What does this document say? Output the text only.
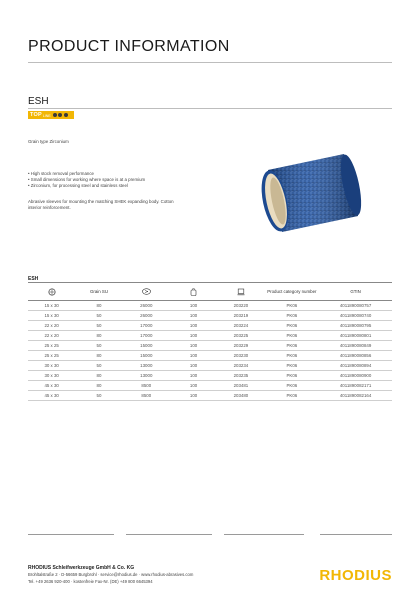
PRODUCT INFORMATION
ESH
TOP LINE
Grain type Zirconium
• High stock removal performance
• Small dimensions for working where space is at a premium
• Zirconium, for processing steel and stainless steel
Abrasive sleeves for mounting the matching SHEK expanding body. Cotton interior reinforcement.
ESH
	Grain SU				Product category number	GTIN
15 x 30	80	26000	100	203220	PK06	4011890080757
15 x 30	50	26000	100	203219	PK06	4011890080740
22 x 20	50	17000	100	203224	PK06	4011890080795
22 x 20	80	17000	100	203225	PK06	4011890080801
25 x 25	50	15000	100	203229	PK06	4011890080849
25 x 25	80	15000	100	203230	PK06	4011890080856
30 x 30	50	13000	100	203234	PK06	4011890080894
30 x 30	80	13000	100	203235	PK06	4011890080900
45 x 30	80	8500	100	203481	PK06	4011890082171
45 x 30	50	8500	100	203480	PK06	4011890082164
RHODIUS Schleifwerkzeuge GmbH & Co. KG
Brohltalstraße 2 · D-56659 Burgbrohl · service@rhodius.de · www.rhodius-abrasives.com
Tel. +49 2636 920-400 · kostenfreie Fax-Nr. (DE) +49 800 6645394	RHODIUS
